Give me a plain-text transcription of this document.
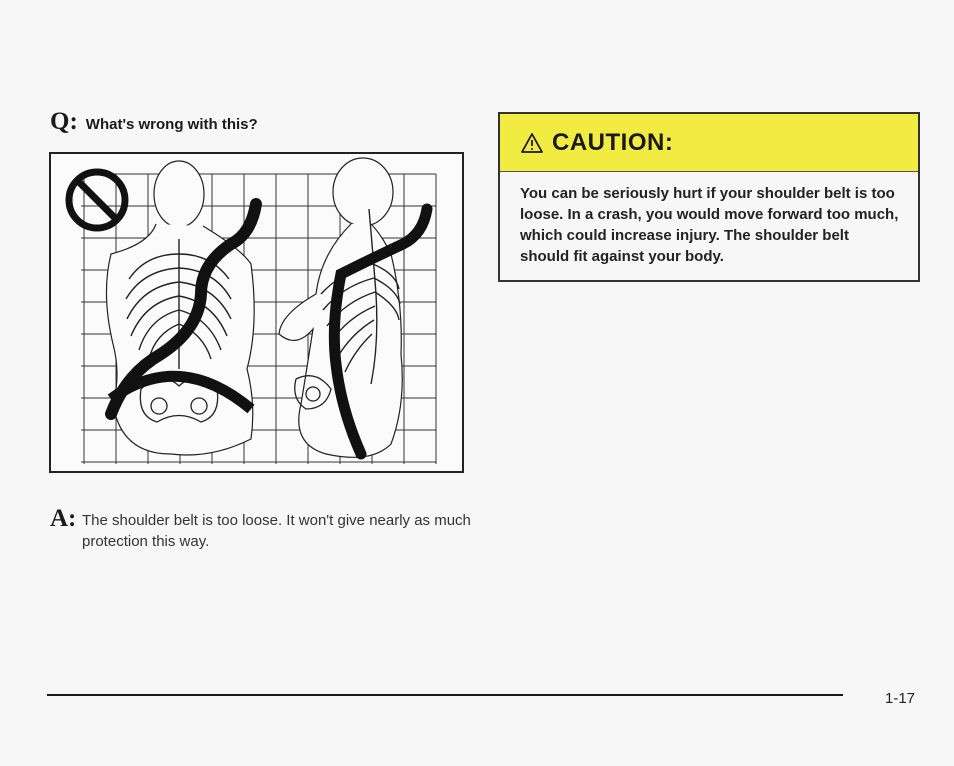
Q: What's wrong with this?
A: The shoulder belt is too loose. It won't give nearly as much protection this way.
CAUTION:
You can be seriously hurt if your shoulder belt is too loose. In a crash, you would move forward too much, which could increase injury. The shoulder belt should fit against your body.
1-17
